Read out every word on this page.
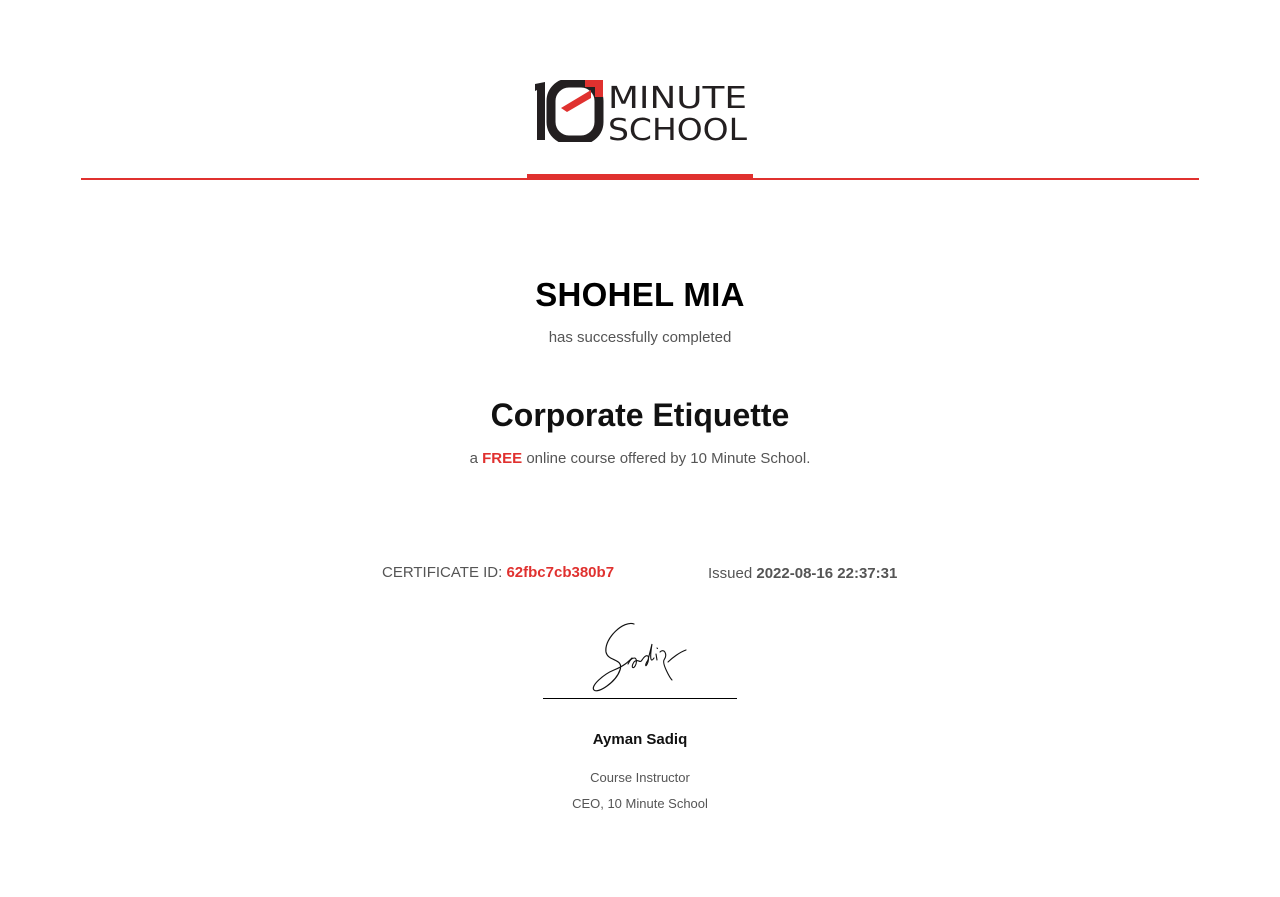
MINUTE
SCHOOL
SHOHEL MIA
has successfully completed
Corporate Etiquette
a FREE online course offered by 10 Minute School.
CERTIFICATE ID: 62fbc7cb380b7	Issued 2022-08-16 22:37:31
Ayman Sadiq
Course Instructor
CEO, 10 Minute School
